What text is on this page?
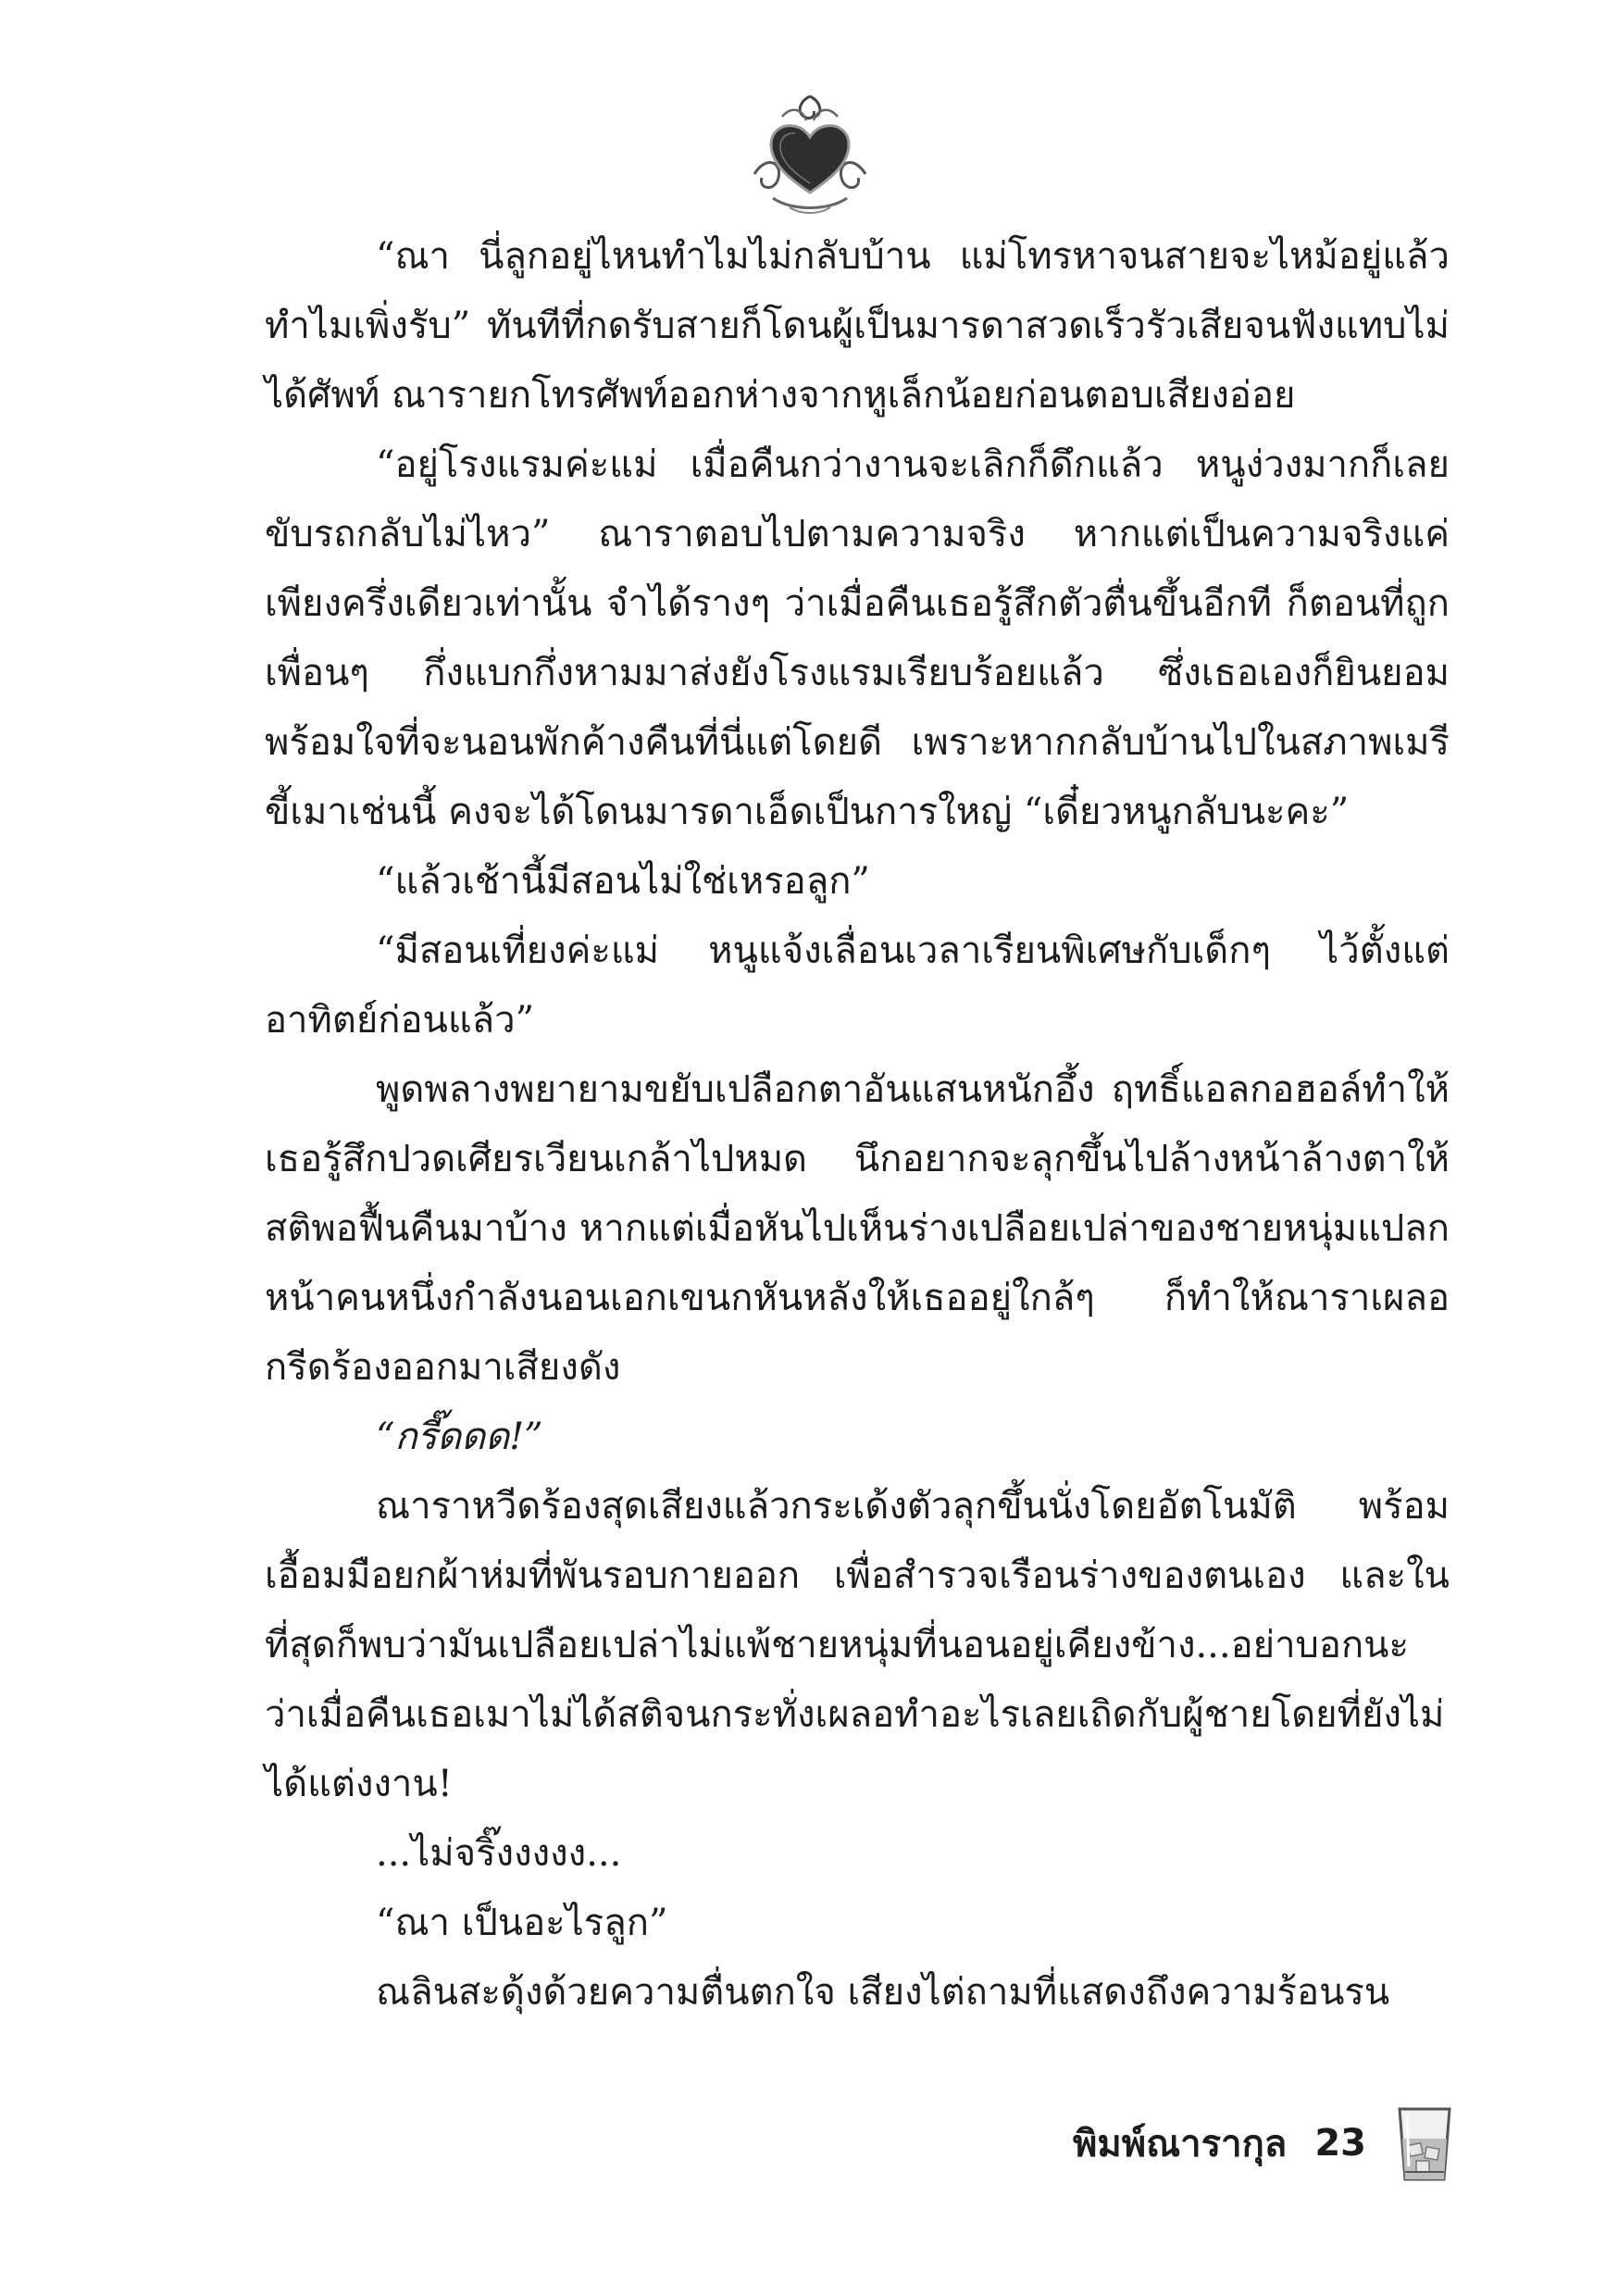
“ณา นี่ลูกอยู่ไหนทำไมไม่กลับบ้าน แม่โทรหาจนสายจะไหม้อยู่แล้ว ทำไมเพิ่งรับ” ทันทีที่กดรับสายก็โดนผู้เป็นมารดาสวดเร็วรัวเสียจนฟังแทบไม่ได้ศัพท์ ณารายกโทรศัพท์ออกห่างจากหูเล็กน้อยก่อนตอบเสียงอ่อย

“อยู่โรงแรมค่ะแม่ เมื่อคืนกว่างานจะเลิกก็ดึกแล้ว หนูง่วงมากก็เลยขับรถกลับไม่ไหว” ณาราตอบไปตามความจริง หากแต่เป็นความจริงแค่เพียงครึ่งเดียวเท่านั้น จำได้รางๆ ว่าเมื่อคืนเธอรู้สึกตัวตื่นขึ้นอีกที ก็ตอนที่ถูกเพื่อนๆ กึ่งแบกกึ่งหามมาส่งยังโรงแรมเรียบร้อยแล้ว ซึ่งเธอเองก็ยินยอมพร้อมใจที่จะนอนพักค้างคืนที่นี่แต่โดยดี เพราะหากกลับบ้านไปในสภาพเมรีขี้เมาเช่นนี้ คงจะได้โดนมารดาเอ็ดเป็นการใหญ่ “เดี๋ยวหนูกลับนะคะ”

“แล้วเช้านี้มีสอนไม่ใช่เหรอลูก”

“มีสอนเที่ยงค่ะแม่ หนูแจ้งเลื่อนเวลาเรียนพิเศษกับเด็กๆ ไว้ตั้งแต่อาทิตย์ก่อนแล้ว”

พูดพลางพยายามขยับเปลือกตาอันแสนหนักอึ้ง ฤทธิ์แอลกอฮอล์ทำให้เธอรู้สึกปวดเศียรเวียนเกล้าไปหมด นึกอยากจะลุกขึ้นไปล้างหน้าล้างตาให้สติพอฟื้นคืนมาบ้าง หากแต่เมื่อหันไปเห็นร่างเปลือยเปล่าของชายหนุ่มแปลกหน้าคนหนึ่งกำลังนอนเอกเขนกหันหลังให้เธออยู่ใกล้ๆ ก็ทำให้ณาราเผลอกรีดร้องออกมาเสียงดัง

“กรี๊ดดด!”

ณาราหวีดร้องสุดเสียงแล้วกระเด้งตัวลุกขึ้นนั่งโดยอัตโนมัติ พร้อมเอื้อมมือยกผ้าห่มที่พันรอบกายออก เพื่อสำรวจเรือนร่างของตนเอง และในที่สุดก็พบว่ามันเปลือยเปล่าไม่แพ้ชายหนุ่มที่นอนอยู่เคียงข้าง...อย่าบอกนะว่าเมื่อคืนเธอเมาไม่ได้สติจนกระทั่งเผลอทำอะไรเลยเถิดกับผู้ชายโดยที่ยังไม่ได้แต่งงาน!

...ไม่จริ๊งงงงง...

“ณา เป็นอะไรลูก”

ณลินสะดุ้งด้วยความตื่นตกใจ เสียงไต่ถามที่แสดงถึงความร้อนรน

พิมพ์ณารากุล 23
